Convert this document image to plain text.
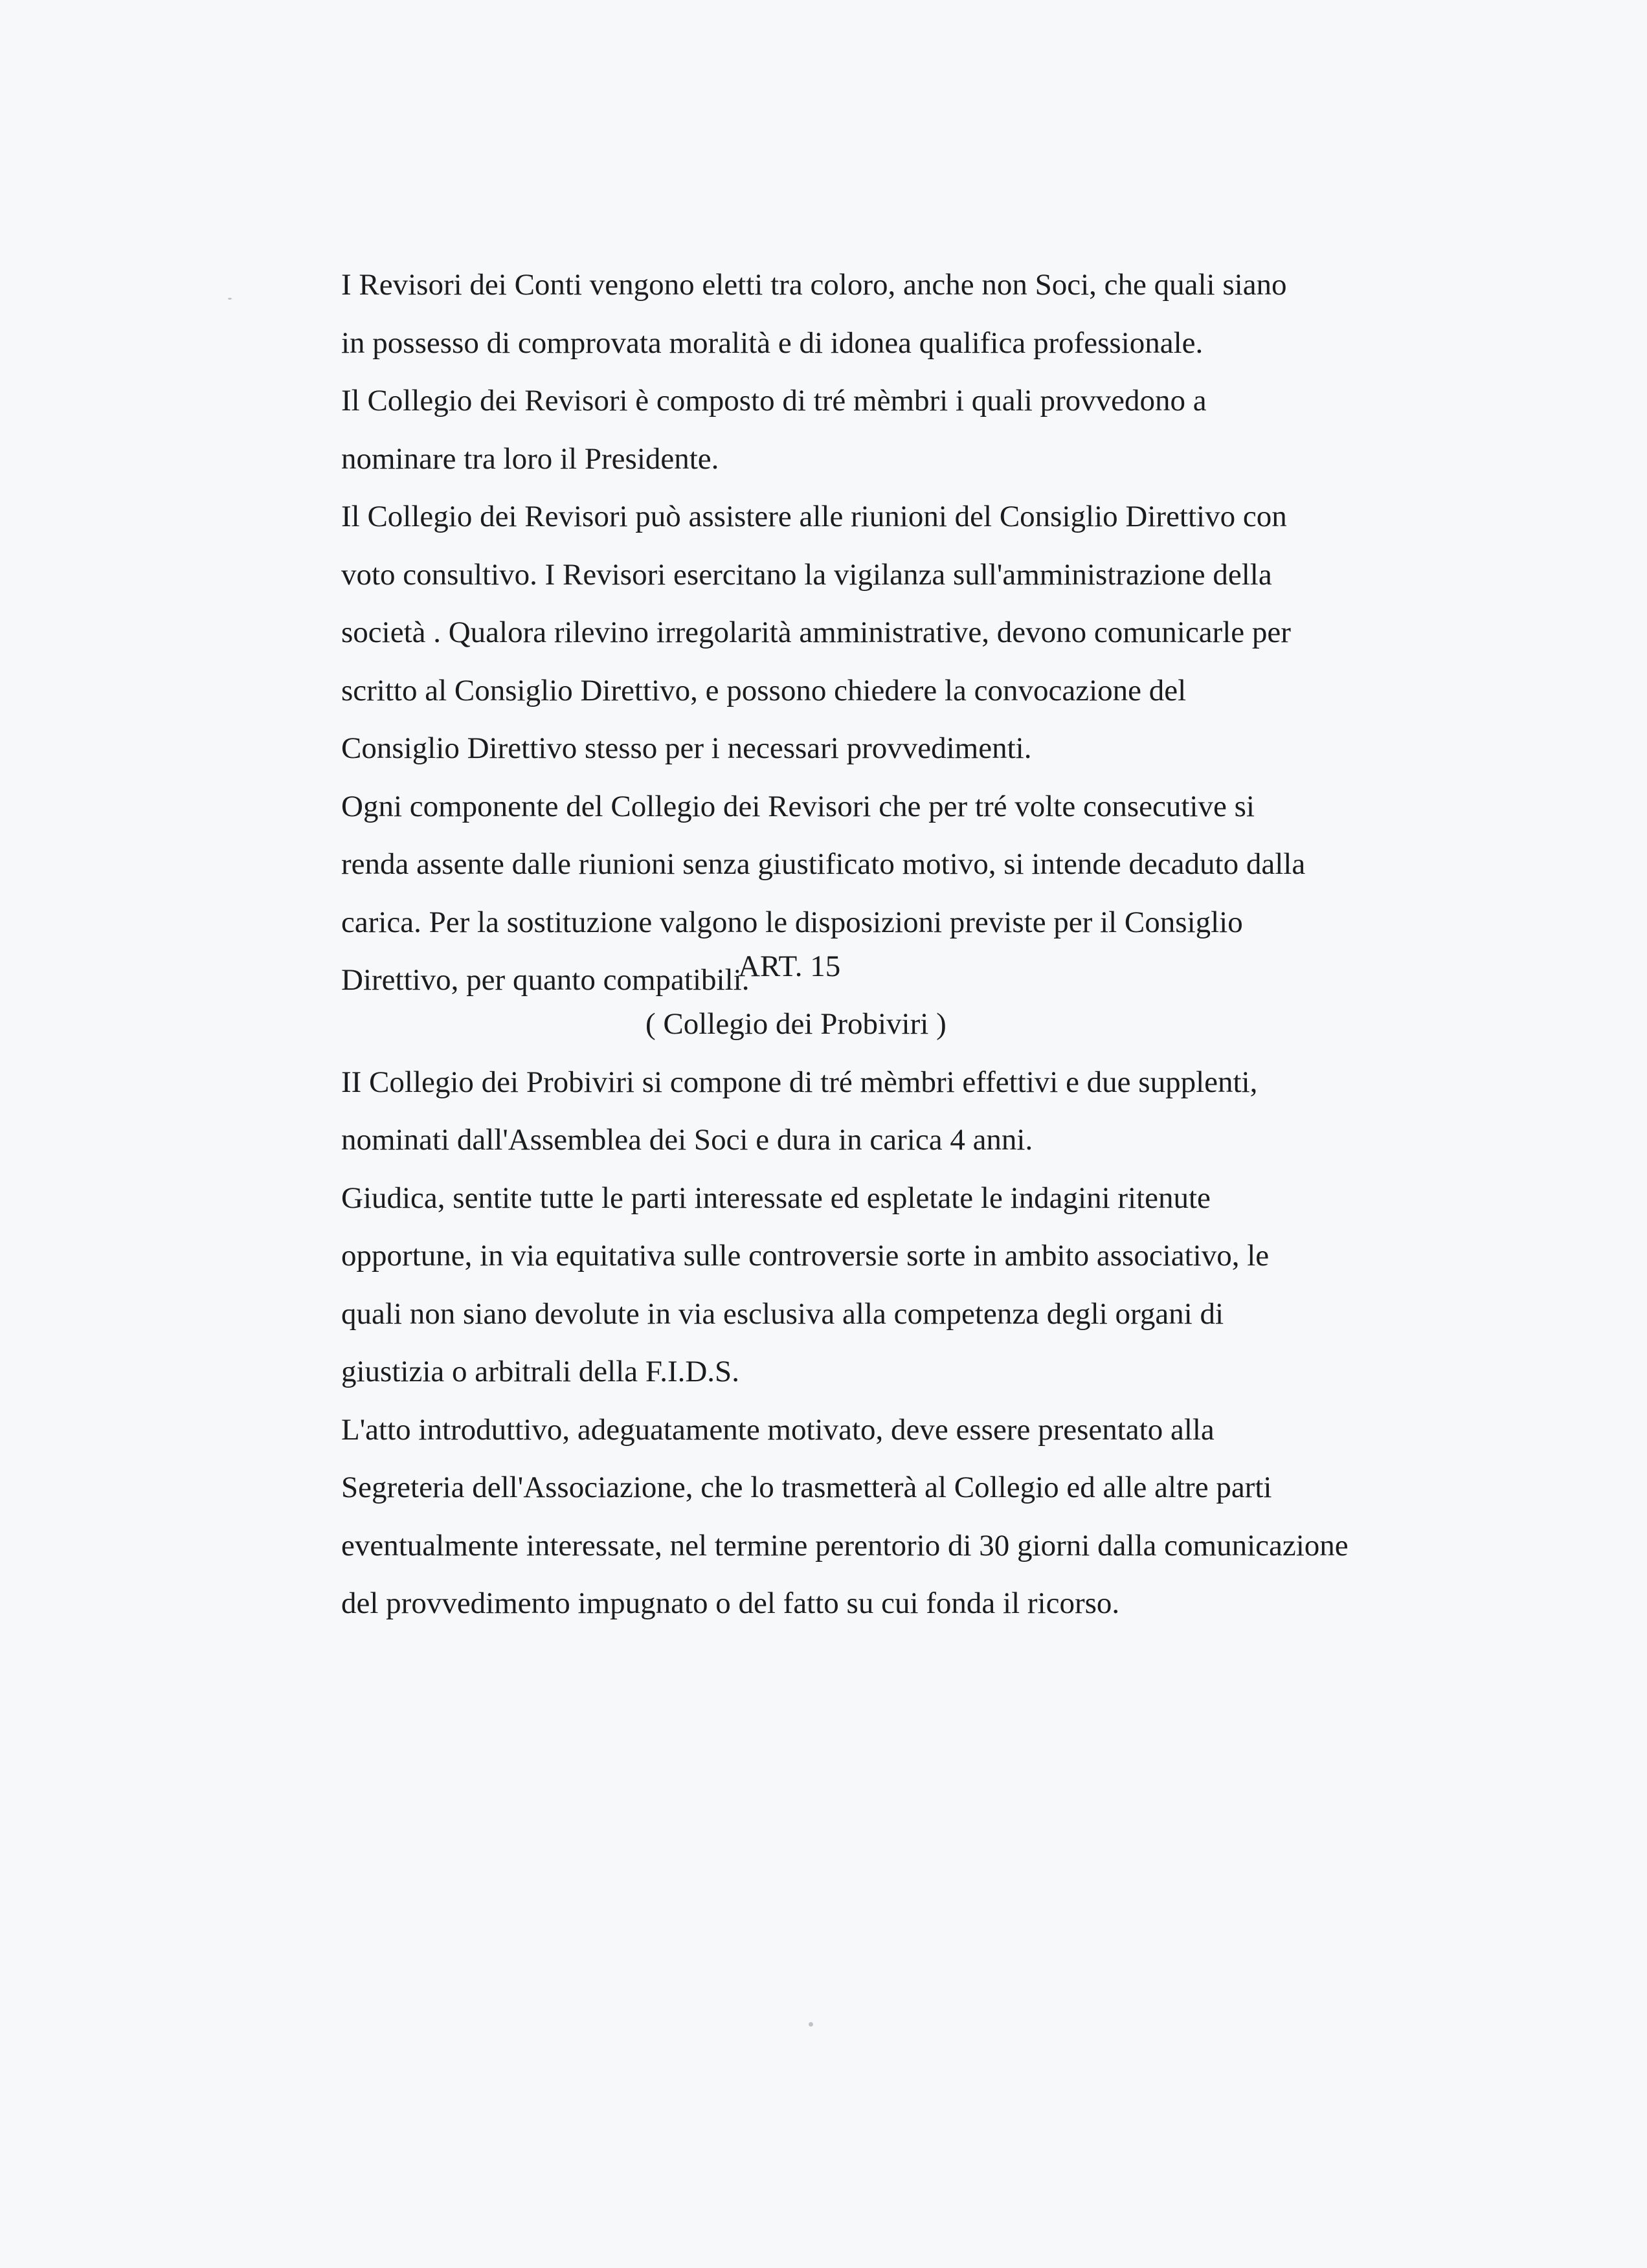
I Revisori dei Conti vengono eletti tra coloro, anche non Soci, che quali siano
in possesso di comprovata moralità e di idonea qualifica professionale.
Il Collegio dei Revisori è composto di tré mèmbri i quali provvedono a
nominare tra loro il Presidente.
Il Collegio dei Revisori può assistere alle riunioni del Consiglio Direttivo con
voto consultivo. I Revisori esercitano la vigilanza sull'amministrazione della
società . Qualora rilevino irregolarità amministrative, devono comunicarle per
scritto al Consiglio Direttivo, e possono chiedere la convocazione del
Consiglio Direttivo stesso per i necessari provvedimenti.
Ogni componente del Collegio dei Revisori che per tré volte consecutive si
renda assente dalle riunioni senza giustificato motivo, si intende decaduto dalla
carica. Per la sostituzione valgono le disposizioni previste per il Consiglio
Direttivo, per quanto compatibili.
ART. 15
( Collegio dei Probiviri )
II Collegio dei Probiviri si compone di tré mèmbri effettivi e due supplenti,
nominati dall'Assemblea dei Soci e dura in carica 4 anni.
Giudica, sentite tutte le parti interessate ed espletate le indagini ritenute
opportune, in via equitativa sulle controversie sorte in ambito associativo, le
quali non siano devolute in via esclusiva alla competenza degli organi di
giustizia o arbitrali della F.I.D.S.
L'atto introduttivo, adeguatamente motivato, deve essere presentato alla
Segreteria dell'Associazione, che lo trasmetterà al Collegio ed alle altre parti
eventualmente interessate, nel termine perentorio di 30 giorni dalla comunicazione
del provvedimento impugnato o del fatto su cui fonda il ricorso.
